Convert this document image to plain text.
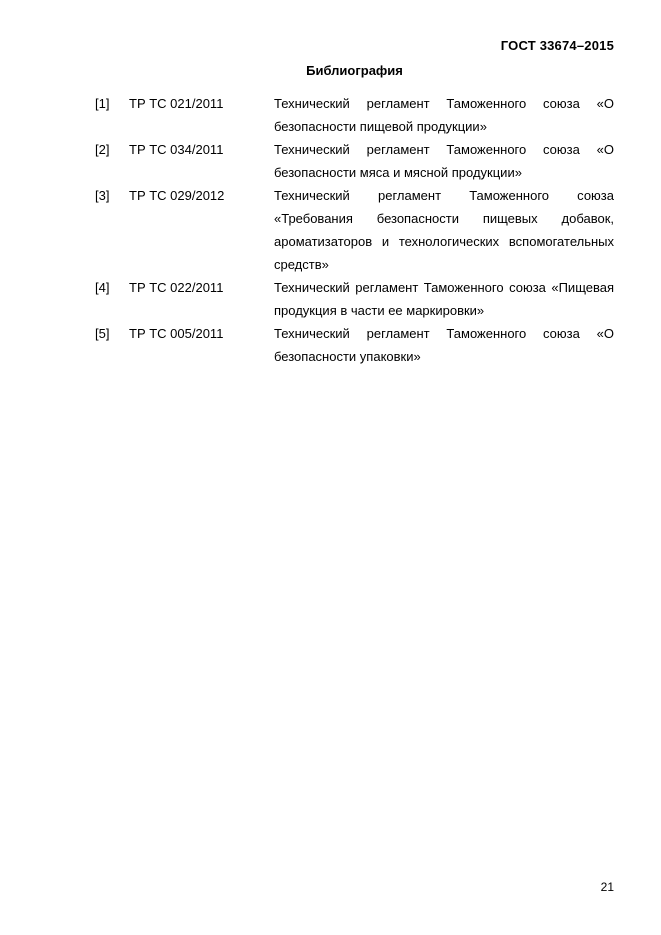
ГОСТ 33674–2015
Библиография
[1] ТР ТС 021/2011	Технический регламент Таможенного союза «О безопасности пищевой продукции»
[2] ТР ТС 034/2011	Технический регламент Таможенного союза «О безопасности мяса и мясной продукции»
[3] ТР ТС 029/2012	Технический регламент Таможенного союза «Требования безопасности пищевых добавок, ароматизаторов и технологических вспомогательных средств»
[4] ТР ТС 022/2011	Технический регламент Таможенного союза «Пищевая продукция в части ее маркировки»
[5] ТР ТС 005/2011	Технический регламент Таможенного союза «О безопасности упаковки»
21
